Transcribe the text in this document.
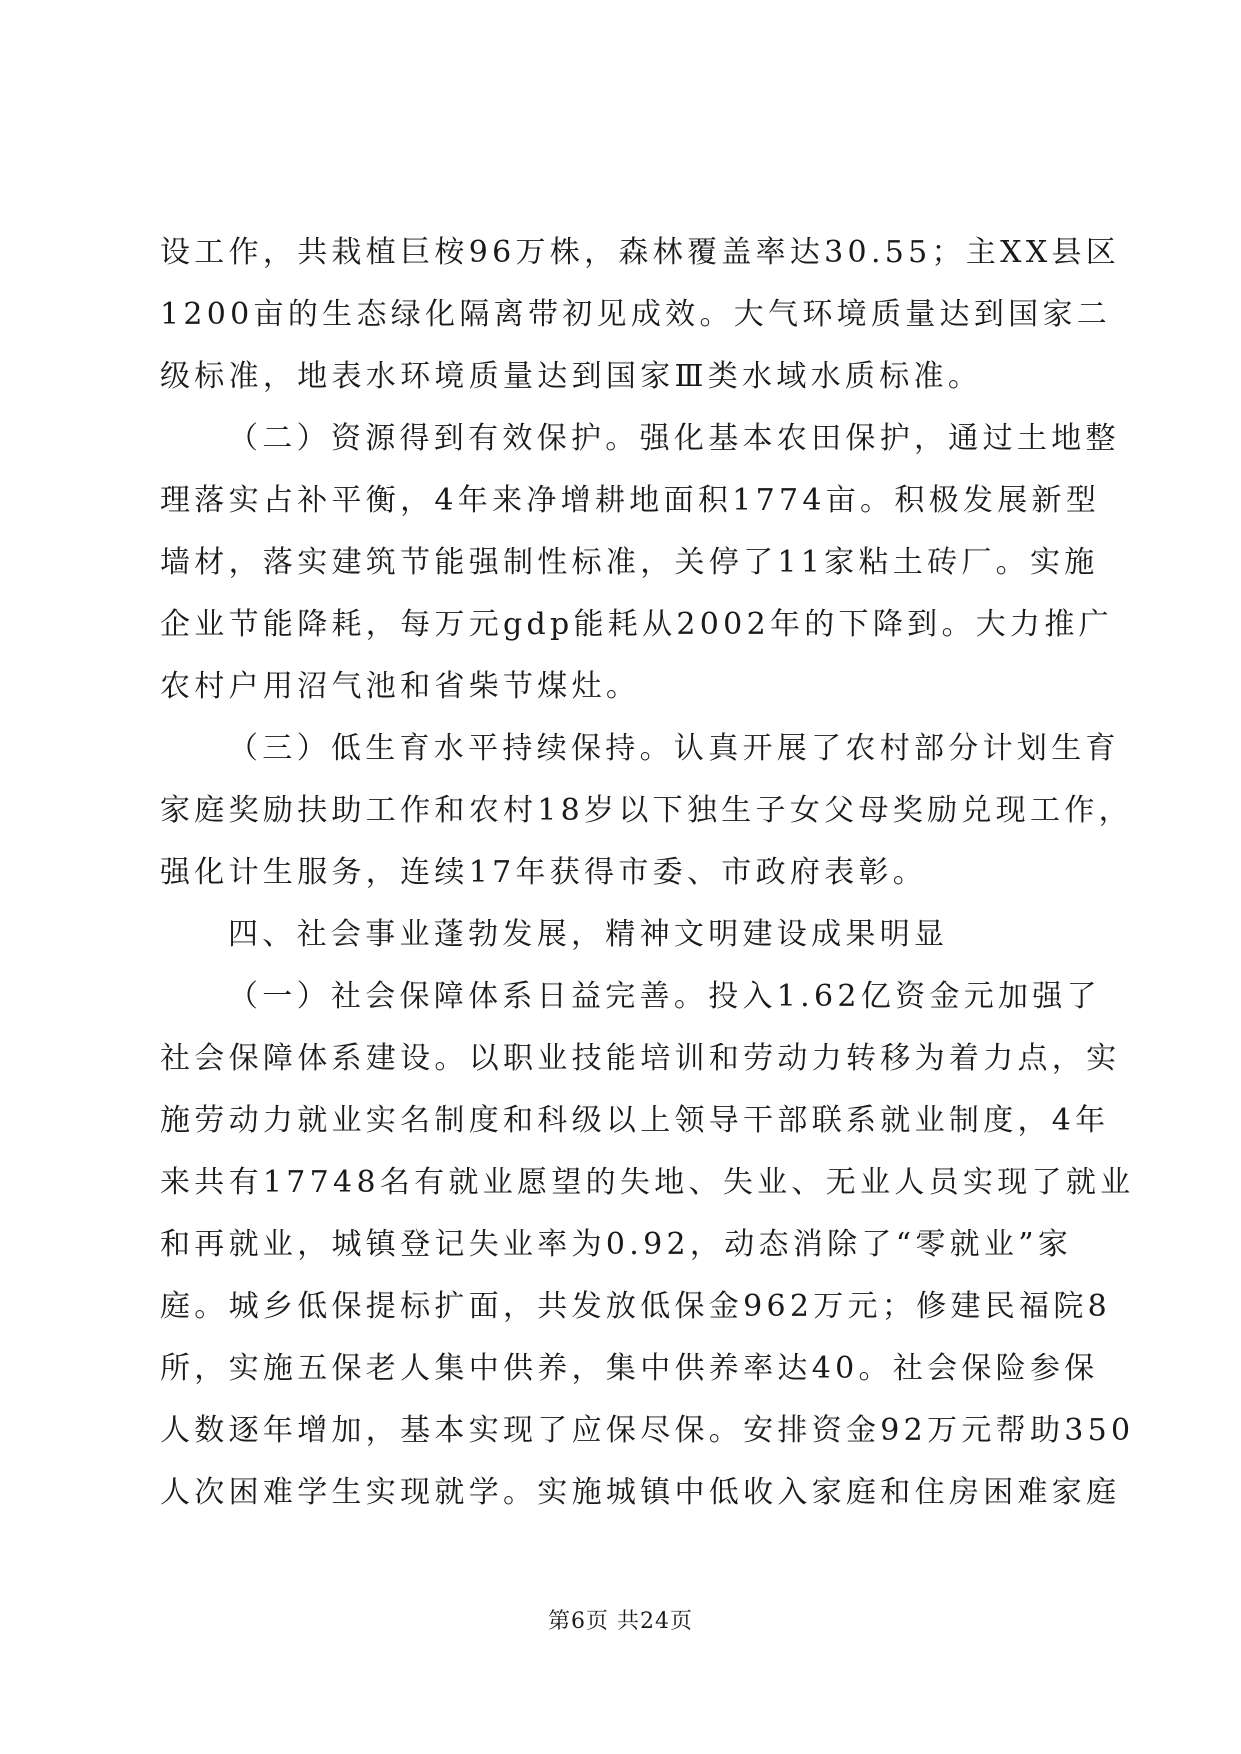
设工作，共栽植巨桉96万株，森林覆盖率达30.55；主XX县区
1200亩的生态绿化隔离带初见成效。大气环境质量达到国家二
级标准，地表水环境质量达到国家Ⅲ类水域水质标准。
（二）资源得到有效保护。强化基本农田保护，通过土地整
理落实占补平衡，4年来净增耕地面积1774亩。积极发展新型
墙材，落实建筑节能强制性标准，关停了11家粘土砖厂。实施
企业节能降耗，每万元gdp能耗从2002年的下降到。大力推广
农村户用沼气池和省柴节煤灶。
（三）低生育水平持续保持。认真开展了农村部分计划生育
家庭奖励扶助工作和农村18岁以下独生子女父母奖励兑现工作，
强化计生服务，连续17年获得市委、市政府表彰。
四、社会事业蓬勃发展，精神文明建设成果明显
（一）社会保障体系日益完善。投入1.62亿资金元加强了
社会保障体系建设。以职业技能培训和劳动力转移为着力点，实
施劳动力就业实名制度和科级以上领导干部联系就业制度，4年
来共有17748名有就业愿望的失地、失业、无业人员实现了就业
和再就业，城镇登记失业率为0.92，动态消除了“零就业”家
庭。城乡低保提标扩面，共发放低保金962万元；修建民福院8
所，实施五保老人集中供养，集中供养率达40。社会保险参保
人数逐年增加，基本实现了应保尽保。安排资金92万元帮助350
人次困难学生实现就学。实施城镇中低收入家庭和住房困难家庭
第6页 共24页
